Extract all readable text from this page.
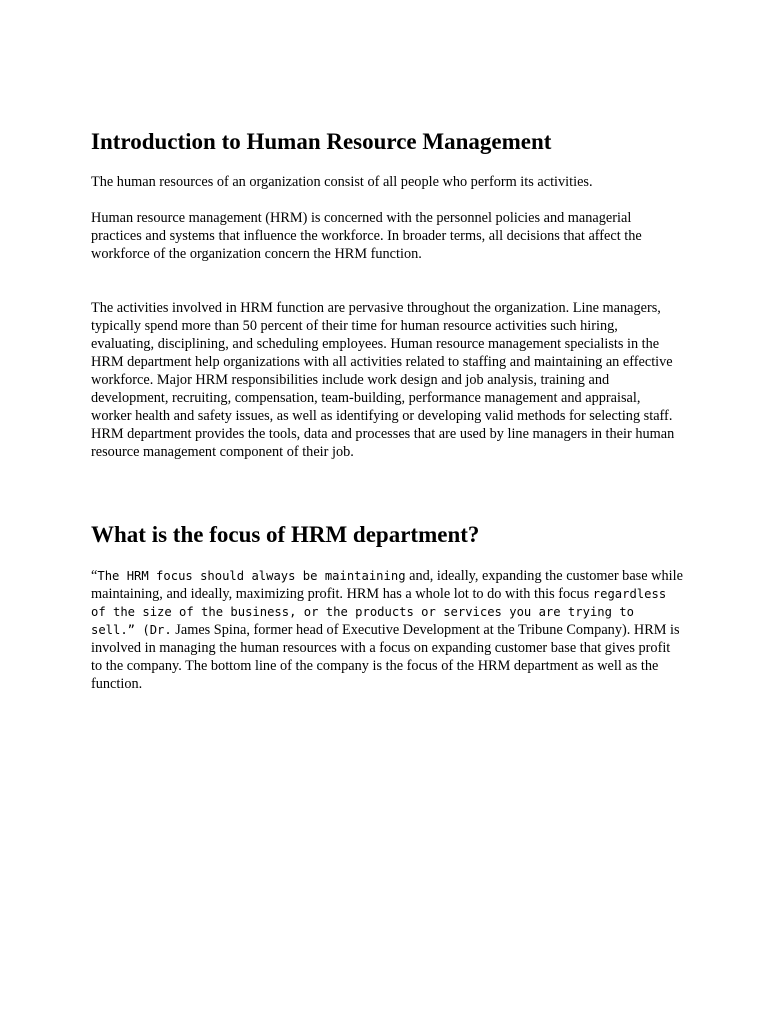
Introduction to Human Resource Management

The human resources of an organization consist of all people who perform its activities.

Human resource management (HRM) is concerned with the personnel policies and managerial practices and systems that influence the workforce. In broader terms, all decisions that affect the workforce of the organization concern the HRM function.

The activities involved in HRM function are pervasive throughout the organization. Line managers, typically spend more than 50 percent of their time for human resource activities such hiring, evaluating, disciplining, and scheduling employees. Human resource management specialists in the HRM department help organizations with all activities related to staffing and maintaining an effective workforce. Major HRM responsibilities include work design and job analysis, training and development, recruiting, compensation, team-building, performance management and appraisal, worker health and safety issues, as well as identifying or developing valid methods for selecting staff. HRM department provides the tools, data and processes that are used by line managers in their human resource management component of their job.

What is the focus of HRM department?

“The HRM focus should always be maintaining and, ideally, expanding the customer base while maintaining, and ideally, maximizing profit. HRM has a whole lot to do with this focus regardless of the size of the business, or the products or services you are trying to sell.” (Dr. James Spina, former head of Executive Development at the Tribune Company). HRM is involved in managing the human resources with a focus on expanding customer base that gives profit to the company. The bottom line of the company is the focus of the HRM department as well as the function.
